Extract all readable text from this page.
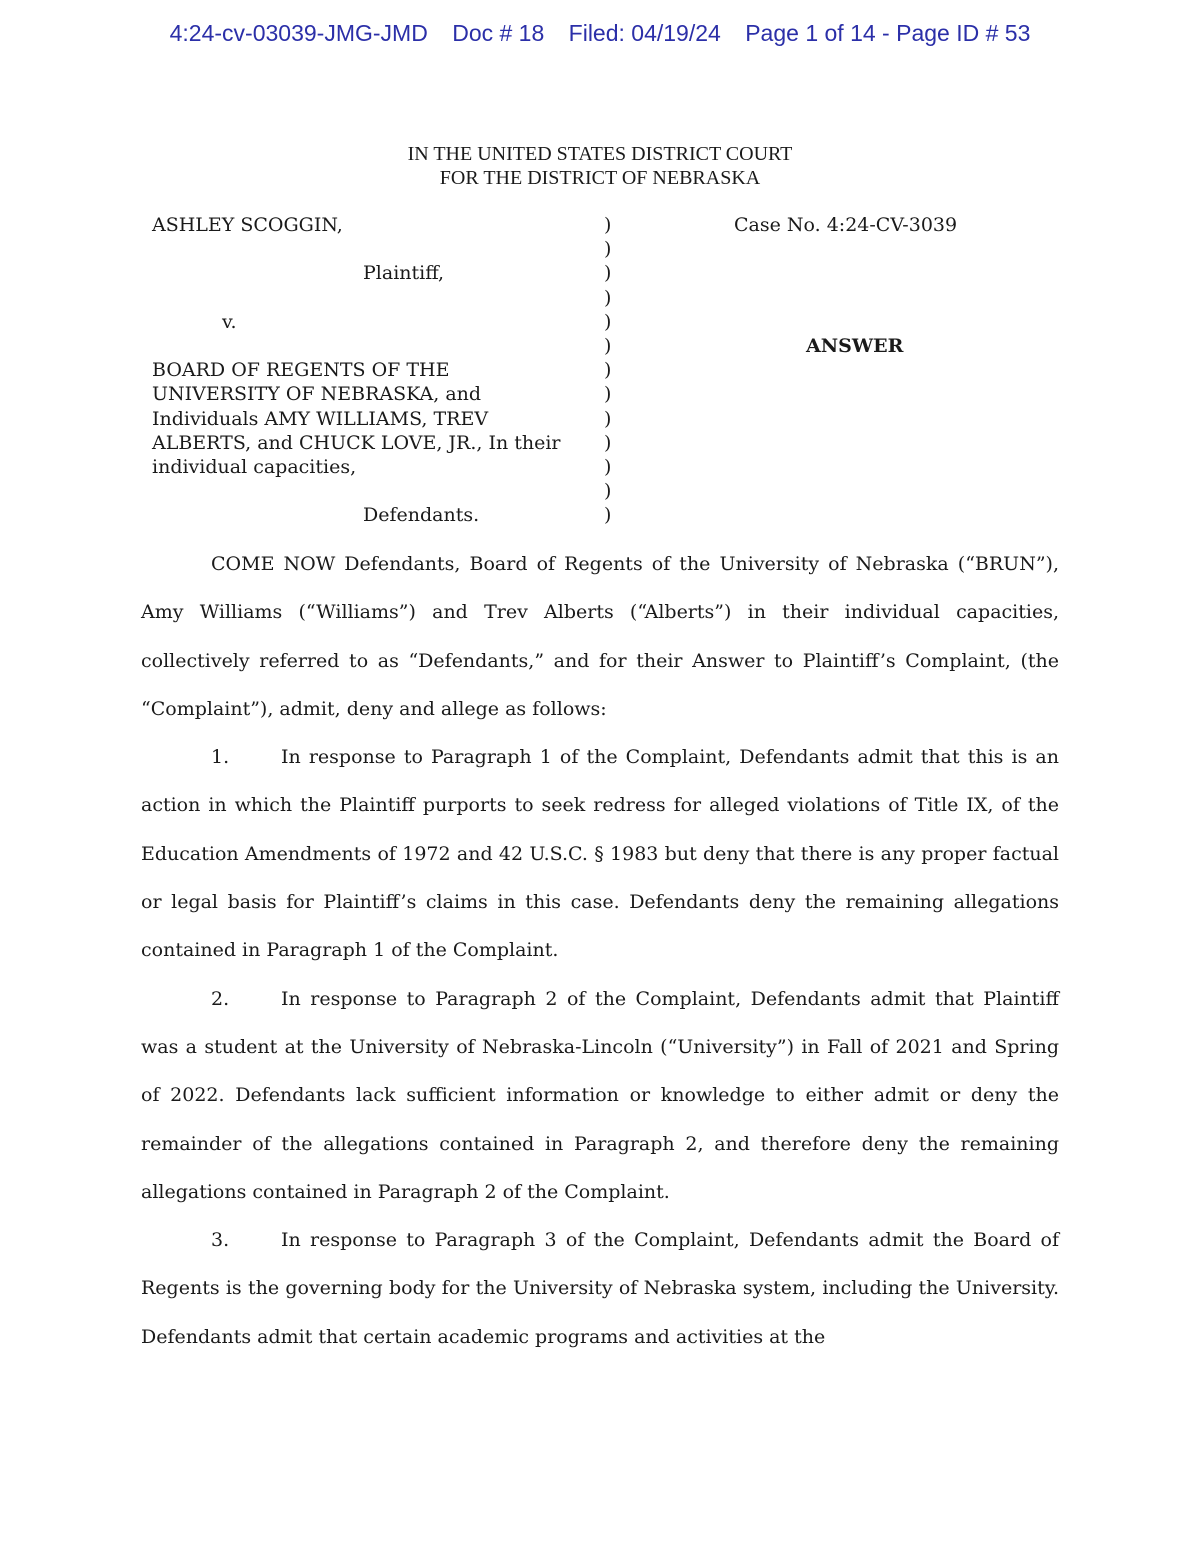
4:24-cv-03039-JMG-JMD Doc # 18 Filed: 04/19/24 Page 1 of 14 - Page ID # 53
IN THE UNITED STATES DISTRICT COURT
FOR THE DISTRICT OF NEBRASKA
ASHLEY SCOGGIN,

Plaintiff,

v.

BOARD OF REGENTS OF THE
UNIVERSITY OF NEBRASKA, and
Individuals AMY WILLIAMS, TREV
ALBERTS, and CHUCK LOVE, JR., In their
individual capacities,

Defendants.
)
)
)
)
)
)
)
)
)
)
)
)
)
Case No. 4:24-CV-3039
ANSWER

COME NOW Defendants, Board of Regents of the University of Nebraska (“BRUN”), Amy Williams (“Williams”) and Trev Alberts (“Alberts”) in their individual capacities, collectively referred to as “Defendants,” and for their Answer to Plaintiff’s Complaint, (the “Complaint”), admit, deny and allege as follows:

1.	In response to Paragraph 1 of the Complaint, Defendants admit that this is an action in which the Plaintiff purports to seek redress for alleged violations of Title IX, of the Education Amendments of 1972 and 42 U.S.C. § 1983 but deny that there is any proper factual or legal basis for Plaintiff’s claims in this case. Defendants deny the remaining allegations contained in Paragraph 1 of the Complaint.

2.	In response to Paragraph 2 of the Complaint, Defendants admit that Plaintiff was a student at the University of Nebraska-Lincoln (“University”) in Fall of 2021 and Spring of 2022. Defendants lack sufficient information or knowledge to either admit or deny the remainder of the allegations contained in Paragraph 2, and therefore deny the remaining allegations contained in Paragraph 2 of the Complaint.

3.	In response to Paragraph 3 of the Complaint, Defendants admit the Board of Regents is the governing body for the University of Nebraska system, including the University. Defendants admit that certain academic programs and activities at the
